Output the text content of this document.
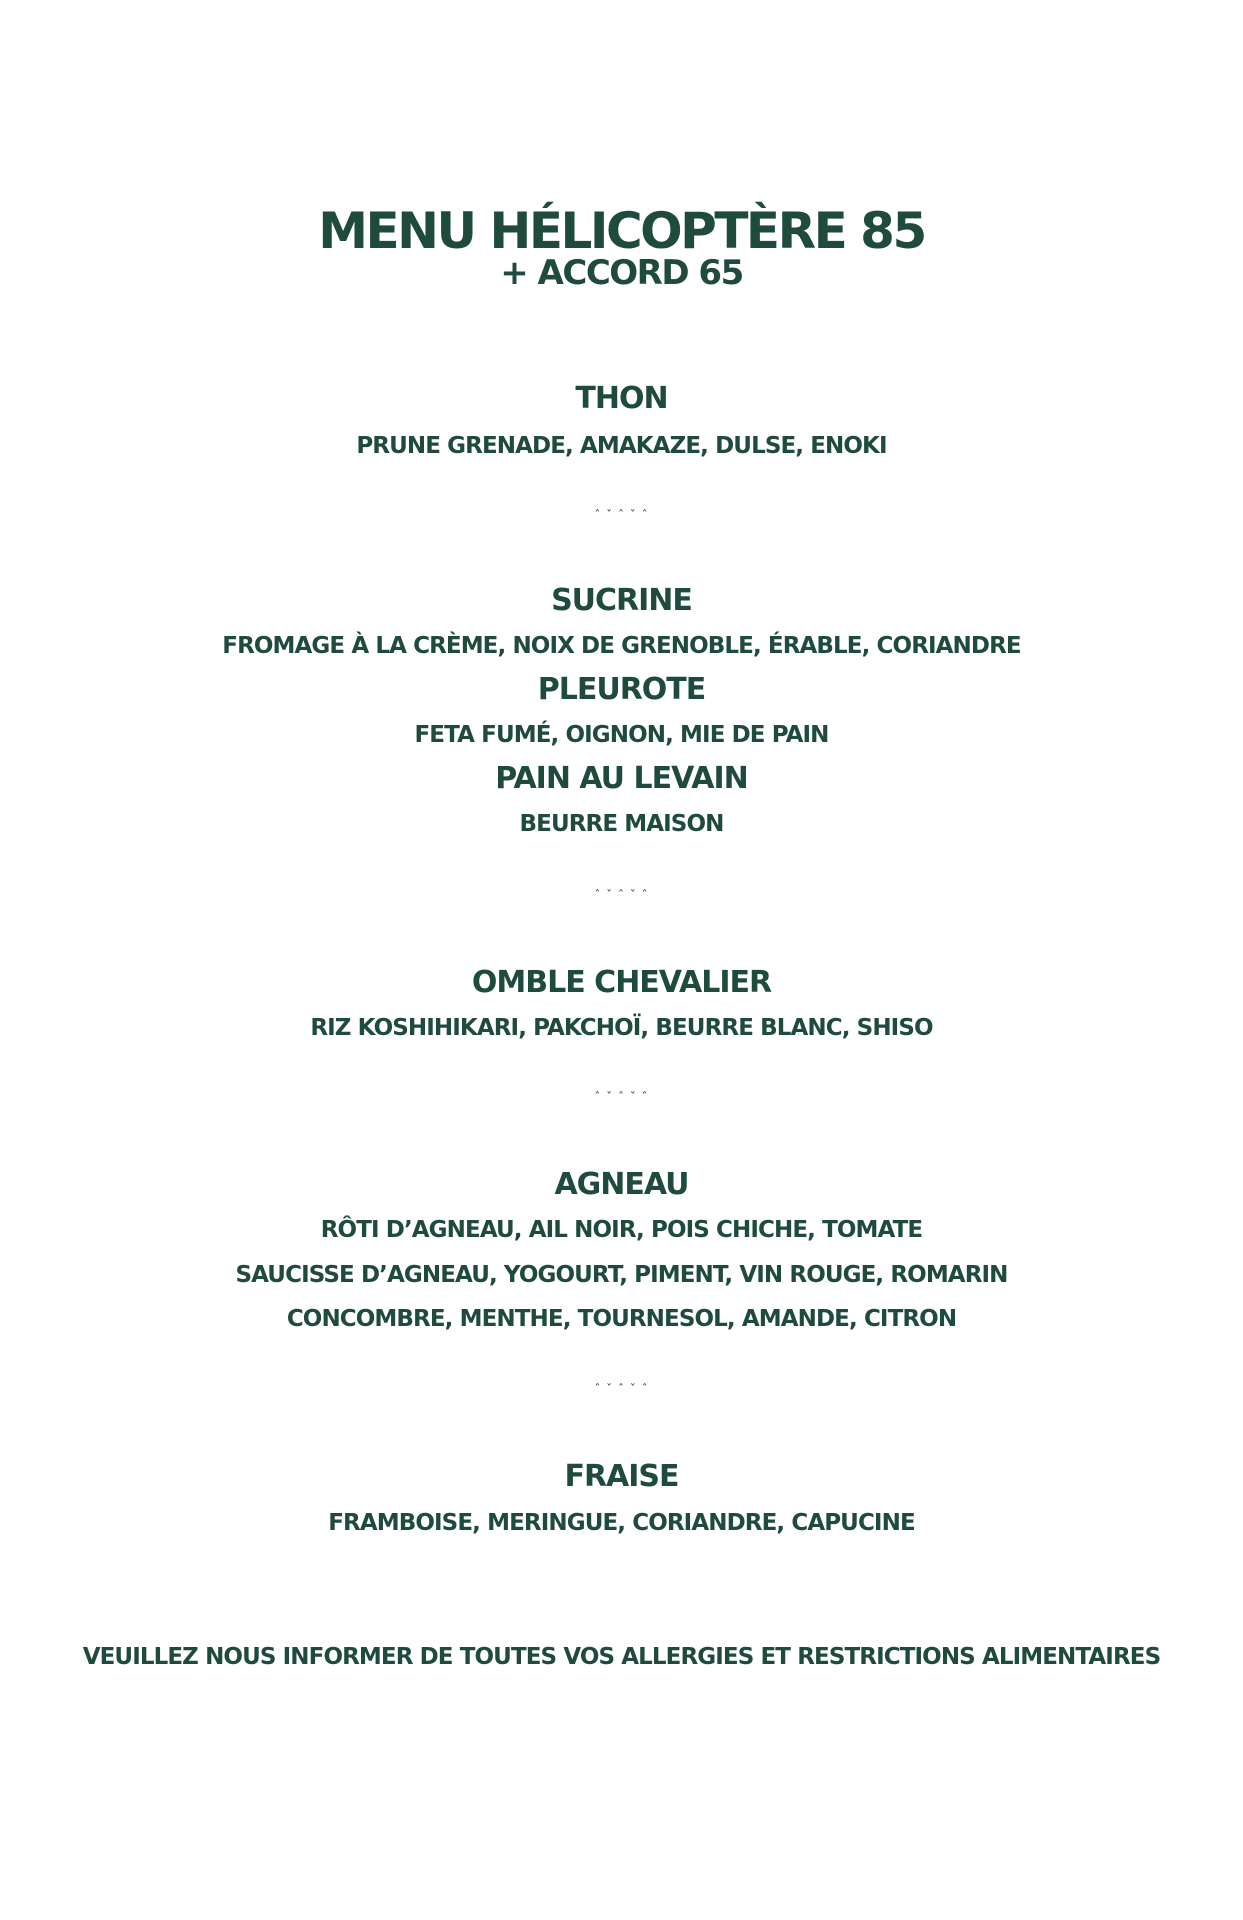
MENU HÉLICOPTÈRE 85
+ ACCORD 65
THON
PRUNE GRENADE, AMAKAZE, DULSE, ENOKI
ˆ ˇ ˆ ˇ ˆ
SUCRINE
FROMAGE À LA CRÈME, NOIX DE GRENOBLE, ÉRABLE, CORIANDRE
PLEUROTE
FETA FUMÉ, OIGNON, MIE DE PAIN
PAIN AU LEVAIN
BEURRE MAISON
ˆ ˇ ˆ ˇ ˆ
OMBLE CHEVALIER
RIZ KOSHIHIKARI, PAKCHOÏ, BEURRE BLANC, SHISO
ˆ ˇ ˆ ˇ ˆ
AGNEAU
RÔTI D’AGNEAU, AIL NOIR, POIS CHICHE, TOMATE
SAUCISSE D’AGNEAU, YOGOURT, PIMENT, VIN ROUGE, ROMARIN
CONCOMBRE, MENTHE, TOURNESOL, AMANDE, CITRON
ˆ ˇ ˆ ˇ ˆ
FRAISE
FRAMBOISE, MERINGUE, CORIANDRE, CAPUCINE
VEUILLEZ NOUS INFORMER DE TOUTES VOS ALLERGIES ET RESTRICTIONS ALIMENTAIRES
